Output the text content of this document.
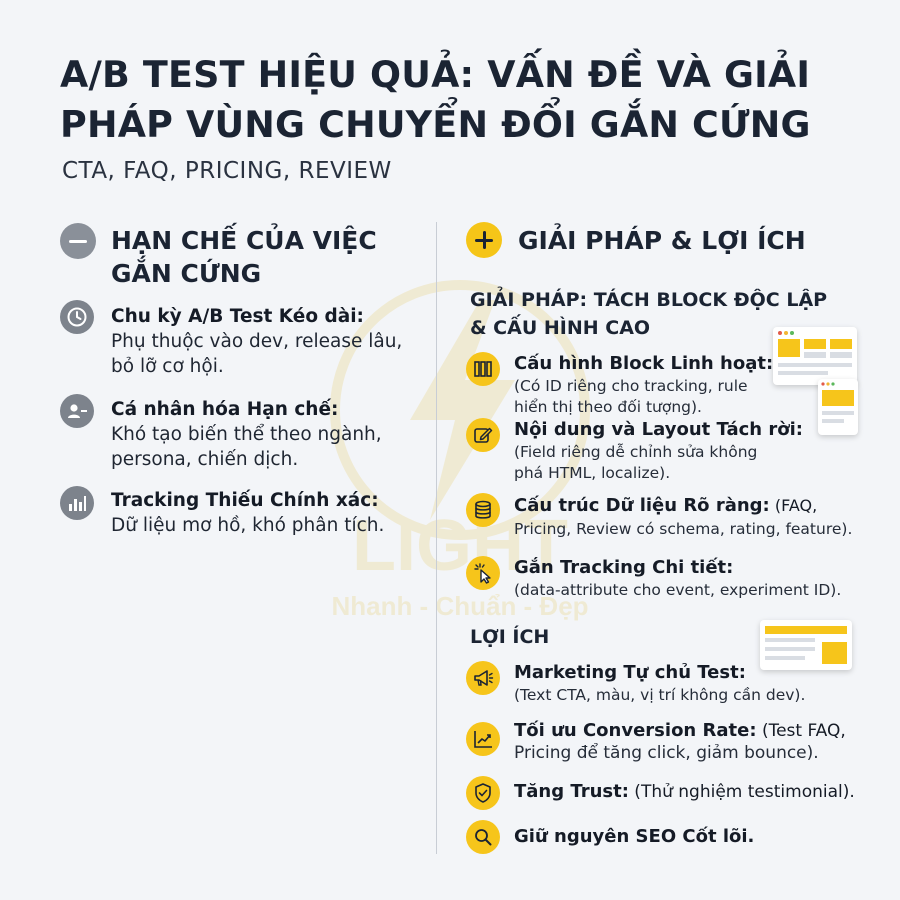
LIGHT
Nhanh - Chuẩn - Đẹp
A/B TEST HIỆU QUẢ: VẤN ĐỀ VÀ GIẢI
PHÁP VÙNG CHUYỂN ĐỔI GẮN CỨNG
CTA, FAQ, PRICING, REVIEW
HẠN CHẾ CỦA VIỆC
GẮN CỨNG
Chu kỳ A/B Test Kéo dài:
Phụ thuộc vào dev, release lâu,
bỏ lỡ cơ hội.
Cá nhân hóa Hạn chế:
Khó tạo biến thể theo ngành,
persona, chiến dịch.
Tracking Thiếu Chính xác:
Dữ liệu mơ hồ, khó phân tích.
GIẢI PHÁP & LỢI ÍCH
GIẢI PHÁP: TÁCH BLOCK ĐỘC LẬP
& CẤU HÌNH CAO
Cấu hình Block Linh hoạt:
(Có ID riêng cho tracking, rule
hiển thị theo đối tượng).
Nội dung và Layout Tách rời:
(Field riêng dễ chỉnh sửa không
phá HTML, localize).
Cấu trúc Dữ liệu Rõ ràng: (FAQ,
Pricing, Review có schema, rating, feature).
Gắn Tracking Chi tiết:
(data-attribute cho event, experiment ID).
LỢI ÍCH
Marketing Tự chủ Test:
(Text CTA, màu, vị trí không cần dev).
Tối ưu Conversion Rate: (Test FAQ,
Pricing để tăng click, giảm bounce).
Tăng Trust: (Thử nghiệm testimonial).
Giữ nguyên SEO Cốt lõi.
